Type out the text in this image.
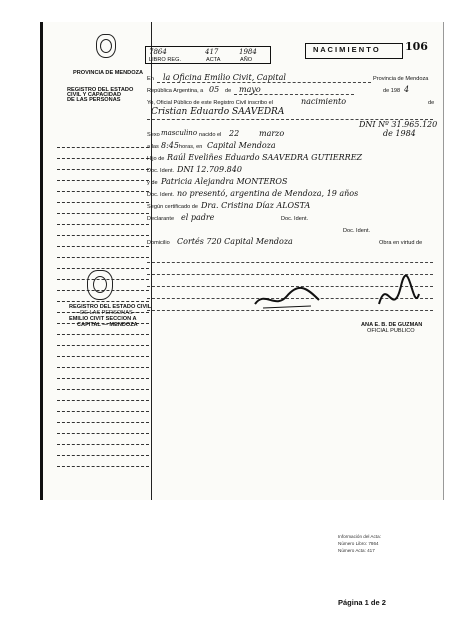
PROVINCIA DE MENDOZA
REGISTRO DEL ESTADO
CIVIL Y CAPACIDAD
DE LAS PERSONAS
7864	417	1984
LIBRO REG.	ACTA	AÑO
N A C I M I E N T O 106
En la Oficina Emilio Civit, Capital	Provincia de Mendoza
República Argentina, a 05 de mayo	de 198 4
Yo, Oficial Público de este Registro Civil inscribo el	nacimiento	de
Cristian Eduardo SAAVEDRA
DNI Nº 31.965.120
Sexo masculino nacido el 22 marzo	de 1984
a las 8:45 horas, en Capital Mendoza
Hijo de Raúl Eveliñes Eduardo SAAVEDRA GUTIERREZ
Doc. Ident. DNI 12.709.840
y de Patricia Alejandra MONTEROS
Doc. Ident. no presentó, argentina de Mendoza, 19 años
Según certificado de Dra. Cristina Díaz ALOSTA
Declarante el padre	Doc. Ident.
Doc. Ident.
Domicilio Cortés 720 Capital Mendoza	Obra en virtud de
REGISTRO DEL ESTADO CIVIL
— DE LAS PERSONAS —
EMILIO CIVIT SECCION A
CAPITAL — MENDOZA	ANA E. B. DE GUZMAN
OFICIAL PUBLICO
Información del Acta:
Número Libro: 7864
Número Acta: 417
Página 1 de 2
